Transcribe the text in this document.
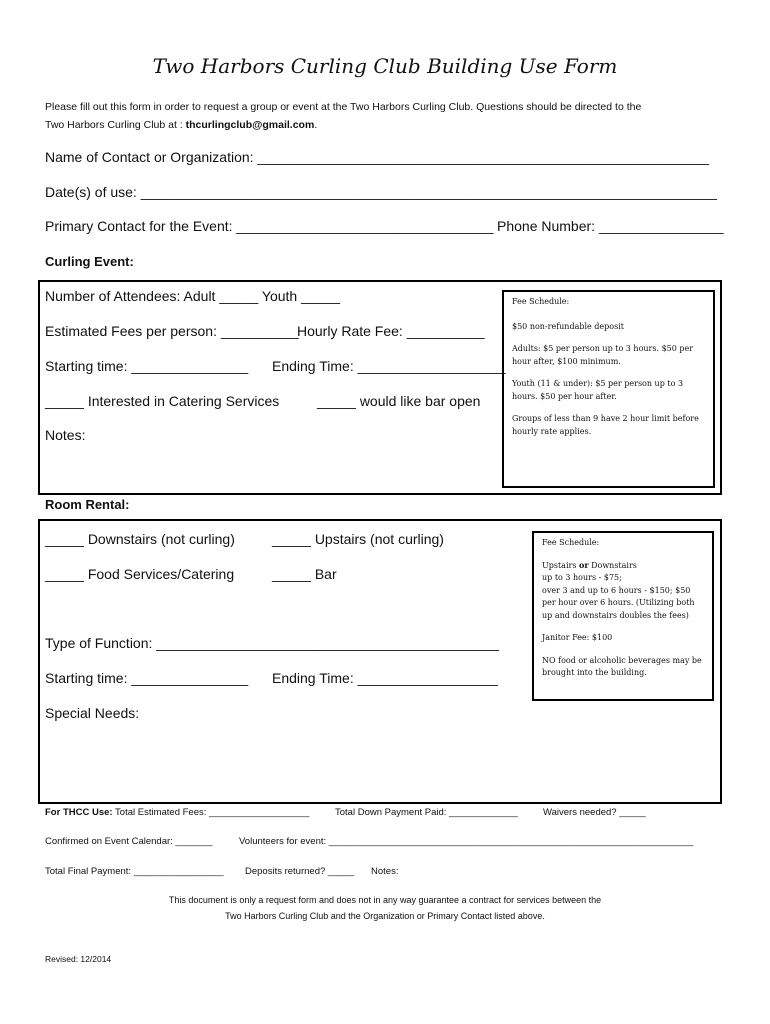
Two Harbors Curling Club Building Use Form
Please fill out this form in order to request a group or event at the Two Harbors Curling Club. Questions should be directed to the
Two Harbors Curling Club at : thcurlingclub@gmail.com.
Name of Contact or Organization: __________________________________________________________
Date(s) of use: __________________________________________________________________________
Primary Contact for the Event: _________________________________ Phone Number: ________________
Curling Event:
Number of Attendees: Adult _____ Youth _____
Estimated Fees per person: __________
Hourly Rate Fee: __________
Starting time: _______________ Ending Time: ___________________
_____ Interested in Catering Services	_____ would like bar open
Notes:

Fee Schedule:

$50 non-refundable deposit

Adults: $5 per person up to 3 hours. $50 per hour after, $100 minimum.

Youth (11 & under): $5 per person up to 3 hours. $50 per hour after.

Groups of less than 9 have 2 hour limit before hourly rate applies.

Room Rental:
_____ Downstairs (not curling)	_____ Upstairs (not curling)
_____ Food Services/Catering	_____ Bar
Type of Function: ____________________________________________
Starting time: _______________ Ending Time: __________________
Special Needs:

Fee Schedule:

Upstairs or Downstairs
up to 3 hours - $75;
over 3 and up to 6 hours - $150; $50 per hour over 6 hours. (Utilizing both up and downstairs doubles the fees)

Janitor Fee: $100

NO food or alcoholic beverages may be brought into the building.

For THCC Use: Total Estimated Fees: ___________________	Total Down Payment Paid: _____________	Waivers needed? _____
Confirmed on Event Calendar: _______	Volunteers for event: _____________________________________________________________________
Total Final Payment: _________________ Deposits returned? _____ Notes:
This document is only a request form and does not in any way guarantee a contract for services between the
Two Harbors Curling Club and the Organization or Primary Contact listed above.
Revised: 12/2014
